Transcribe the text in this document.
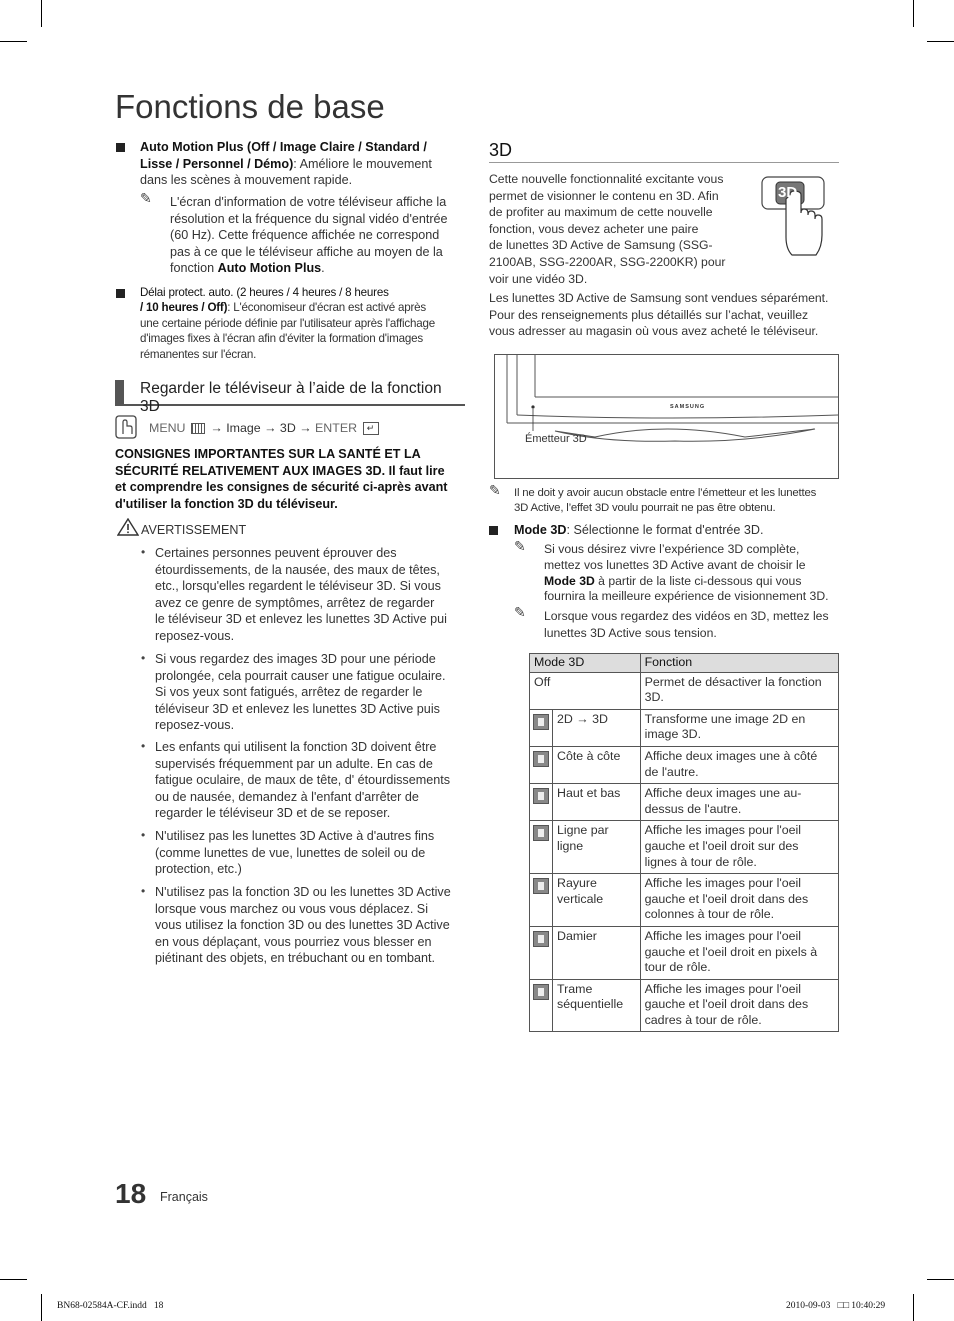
Fonctions de base
Auto Motion Plus (Off / Image Claire / Standard /
Lisse / Personnel / Démo): Améliore le mouvement
dans les scènes à mouvement rapide.
✎ L'écran d'information de votre téléviseur affiche la
résolution et la fréquence du signal vidéo d'entrée
(60 Hz). Cette fréquence affichée ne correspond
pas à ce que le téléviseur affiche au moyen de la
fonction Auto Motion Plus.
Délai protect. auto. (2 heures / 4 heures / 8 heures
/ 10 heures / Off): L'économiseur d'écran est activé après
une certaine période définie par l'utilisateur après l'affichage
d'images fixes à l'écran afin d'éviter la formation d'images
rémanentes sur l'écran.
Regarder le téléviseur à l’aide de la fonction 3D
MENU  → Image → 3D → ENTER ↵
CONSIGNES IMPORTANTES SUR LA SANTÉ ET LA
SÉCURITÉ RELATIVEMENT AUX IMAGES 3D. Il faut lire
et comprendre les consignes de sécurité ci-après avant
d'utiliser la fonction 3D du téléviseur.
AVERTISSEMENT
• Certaines personnes peuvent éprouver des
étourdissements, de la nausée, des maux de têtes,
etc., lorsqu'elles regardent le téléviseur 3D. Si vous
avez ce genre de symptômes, arrêtez de regarder
le téléviseur 3D et enlevez les lunettes 3D Active pui
reposez-vous.
• Si vous regardez des images 3D pour une période
prolongée, cela pourrait causer une fatigue oculaire.
Si vos yeux sont fatigués, arrêtez de regarder le
téléviseur 3D et enlevez les lunettes 3D Active puis
reposez-vous.
• Les enfants qui utilisent la fonction 3D doivent être
supervisés fréquemment par un adulte. En cas de
fatigue oculaire, de maux de tête, d' étourdissements
ou de nausée, demandez à l'enfant d'arrêter de
regarder le téléviseur 3D et de se reposer.
• N'utilisez pas les lunettes 3D Active à d'autres fins
(comme lunettes de vue, lunettes de soleil ou de
protection, etc.)
• N'utilisez pas la fonction 3D ou les lunettes 3D Active
lorsque vous marchez ou vous vous déplacez. Si
vous utilisez la fonction 3D ou des lunettes 3D Active
en vous déplaçant, vous pourriez vous blesser en
piétinant des objets, en trébuchant ou en tombant.
3D
Cette nouvelle fonctionnalité excitante vous
permet de visionner le contenu en 3D. Afin
de profiter au maximum de cette nouvelle
fonction, vous devez acheter une paire
de lunettes 3D Active de Samsung (SSG-
2100AB, SSG-2200AR, SSG-2200KR) pour
voir une vidéo 3D.
3D
Les lunettes 3D Active de Samsung sont vendues séparément.
Pour des renseignements plus détaillés sur l’achat, veuillez
vous adresser au magasin où vous avez acheté le téléviseur.
SAMSUNG
Émetteur 3D
✎ Il ne doit y avoir aucun obstacle entre l’émetteur et les lunettes
3D Active, l’effet 3D voulu pourrait ne pas être obtenu.
Mode 3D: Sélectionne le format d'entrée 3D.
✎ Si vous désirez vivre l’expérience 3D complète,
mettez vos lunettes 3D Active avant de choisir le
Mode 3D à partir de la liste ci-dessous qui vous
fournira la meilleure expérience de visionnement 3D.
✎ Lorsque vous regardez des vidéos en 3D, mettez les
lunettes 3D Active sous tension.
Mode 3D		Fonction
Off		Permet de désactiver la fonction 3D.

	2D → 3D	Transforme une image 2D en image 3D.

	Côte à côte	Affiche deux images une à côté de l'autre.

	Haut et bas	Affiche deux images une au-dessus de l'autre.

	Ligne par ligne	Affiche les images pour l'oeil gauche et l'oeil droit sur des lignes à tour de rôle.

	Rayure verticale	Affiche les images pour l'oeil gauche et l'oeil droit dans des colonnes à tour de rôle.

	Damier	Affiche les images pour l'oeil gauche et l'oeil droit en pixels à tour de rôle.

	Trame séquentielle	Affiche les images pour l'oeil gauche et l'oeil droit dans des cadres à tour de rôle.
18 Français
BN68-02584A-CF.indd   18	2010-09-03   □□ 10:40:29
